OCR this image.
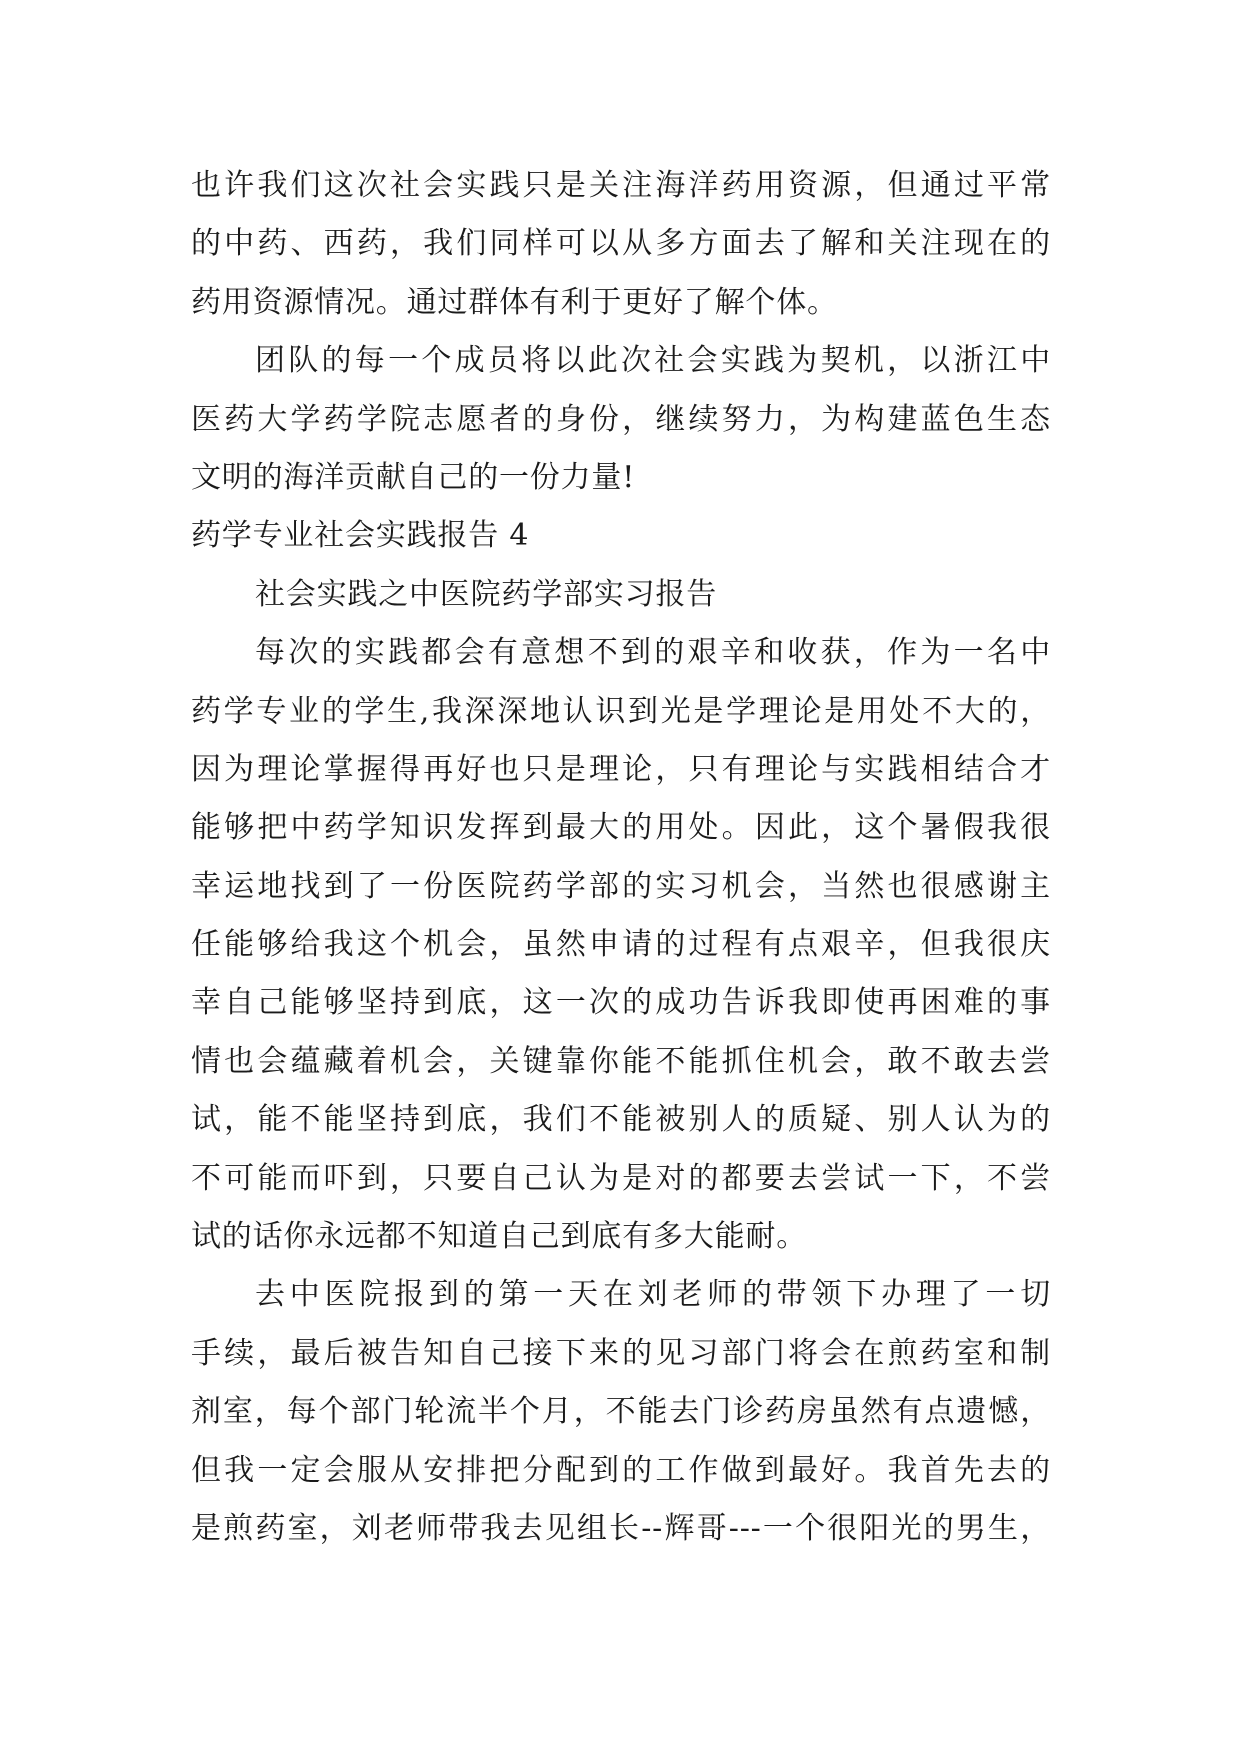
也许我们这次社会实践只是关注海洋药用资源，但通过平常
的中药、西药，我们同样可以从多方面去了解和关注现在的
药用资源情况。通过群体有利于更好了解个体。
团队的每一个成员将以此次社会实践为契机，以浙江中
医药大学药学院志愿者的身份，继续努力，为构建蓝色生态
文明的海洋贡献自己的一份力量!
药学专业社会实践报告 4
社会实践之中医院药学部实习报告
每次的实践都会有意想不到的艰辛和收获，作为一名中
药学专业的学生,我深深地认识到光是学理论是用处不大的，
因为理论掌握得再好也只是理论，只有理论与实践相结合才
能够把中药学知识发挥到最大的用处。因此，这个暑假我很
幸运地找到了一份医院药学部的实习机会，当然也很感谢主
任能够给我这个机会，虽然申请的过程有点艰辛，但我很庆
幸自己能够坚持到底，这一次的成功告诉我即使再困难的事
情也会蕴藏着机会，关键靠你能不能抓住机会，敢不敢去尝
试，能不能坚持到底，我们不能被别人的质疑、别人认为的
不可能而吓到，只要自己认为是对的都要去尝试一下，不尝
试的话你永远都不知道自己到底有多大能耐。
去中医院报到的第一天在刘老师的带领下办理了一切
手续，最后被告知自己接下来的见习部门将会在煎药室和制
剂室，每个部门轮流半个月，不能去门诊药房虽然有点遗憾，
但我一定会服从安排把分配到的工作做到最好。我首先去的
是煎药室，刘老师带我去见组长--辉哥---一个很阳光的男生，
